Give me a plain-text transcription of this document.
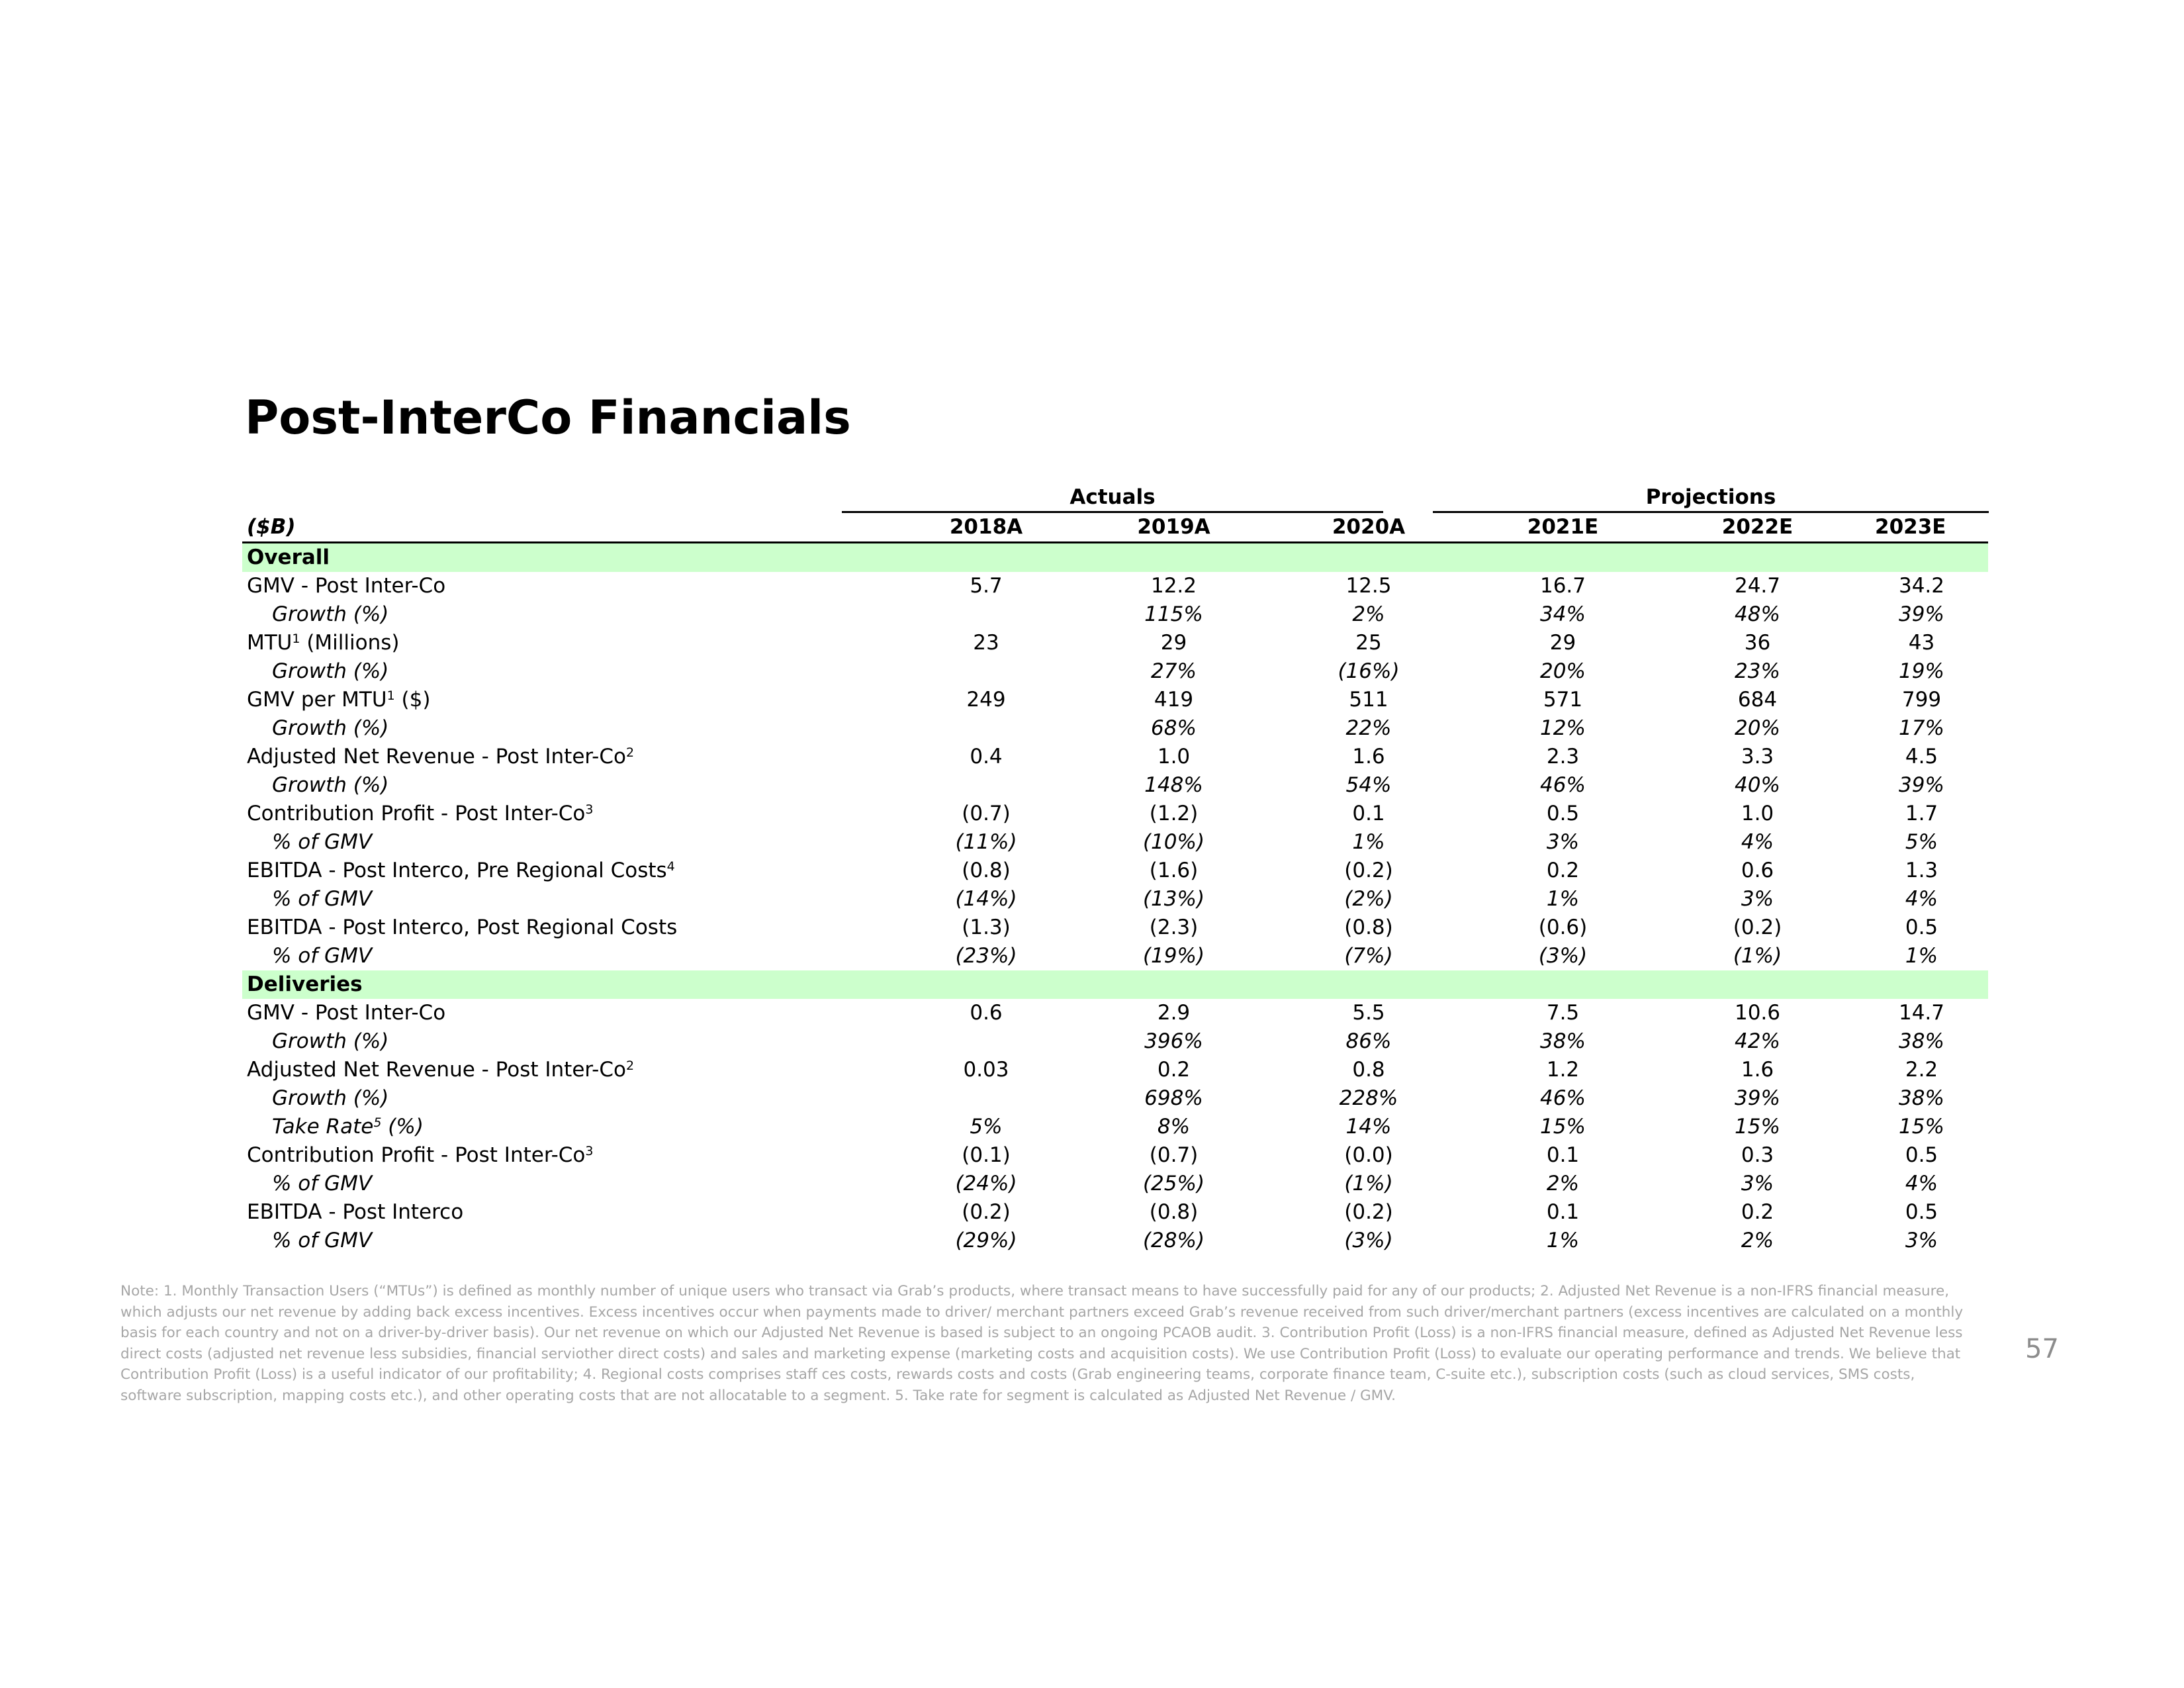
Post-InterCo Financials
Actuals	Projections
($B)	2018A	2019A	2020A	2021E	2022E	2023E
Overall						
GMV - Post Inter-Co	5.7	12.2	12.5	16.7	24.7	34.2
Growth (%)		115%	2%	34%	48%	39%
MTU$^1$ (Millions)	23	29	25	29	36	43
Growth (%)		27%	(16%)	20%	23%	19%
GMV per MTU$^1$ ($)	249	419	511	571	684	799
Growth (%)		68%	22%	12%	20%	17%
Adjusted Net Revenue - Post Inter-Co$^2$	0.4	1.0	1.6	2.3	3.3	4.5
Growth (%)		148%	54%	46%	40%	39%
Contribution Profit - Post Inter-Co$^3$	(0.7)	(1.2)	0.1	0.5	1.0	1.7
% of GMV	(11%)	(10%)	1%	3%	4%	5%
EBITDA - Post Interco, Pre Regional Costs$^4$	(0.8)	(1.6)	(0.2)	0.2	0.6	1.3
% of GMV	(14%)	(13%)	(2%)	1%	3%	4%
EBITDA - Post Interco, Post Regional Costs	(1.3)	(2.3)	(0.8)	(0.6)	(0.2)	0.5
% of GMV	(23%)	(19%)	(7%)	(3%)	(1%)	1%
Deliveries						
GMV - Post Inter-Co	0.6	2.9	5.5	7.5	10.6	14.7
Growth (%)		396%	86%	38%	42%	38%
Adjusted Net Revenue - Post Inter-Co$^2$	0.03	0.2	0.8	1.2	1.6	2.2
Growth (%)		698%	228%	46%	39%	38%
Take Rate$^5$ (%)	5%	8%	14%	15%	15%	15%
Contribution Profit - Post Inter-Co$^3$	(0.1)	(0.7)	(0.0)	0.1	0.3	0.5
% of GMV	(24%)	(25%)	(1%)	2%	3%	4%
EBITDA - Post Interco	(0.2)	(0.8)	(0.2)	0.1	0.2	0.5
% of GMV	(29%)	(28%)	(3%)	1%	2%	3%

Note: 1. Monthly Transaction Users (“MTUs”) is defined as monthly number of unique users who transact via Grab’s products, where transact means to have successfully paid for any of our products; 2. Adjusted Net Revenue is a non-IFRS financial measure, which adjusts our net revenue by adding back excess incentives. Excess incentives occur when payments made to driver/ merchant partners exceed Grab’s revenue received from such driver/merchant partners (excess incentives are calculated on a monthly basis for each country and not on a driver-by-driver basis). Our net revenue on which our Adjusted Net Revenue is based is subject to an ongoing PCAOB audit. 3. Contribution Profit (Loss) is a non-IFRS financial measure, defined as Adjusted Net Revenue less direct costs (adjusted net revenue less subsidies, financial serviother direct costs) and sales and marketing expense (marketing costs and acquisition costs). We use Contribution Profit (Loss) to evaluate our operating performance and trends. We believe that Contribution Profit (Loss) is a useful indicator of our profitability; 4. Regional costs comprises staff ces costs, rewards costs and costs (Grab engineering teams, corporate finance team, C-suite etc.), subscription costs (such as cloud services, SMS costs, software subscription, mapping costs etc.), and other operating costs that are not allocatable to a segment. 5. Take rate for segment is calculated as Adjusted Net Revenue / GMV.

57
